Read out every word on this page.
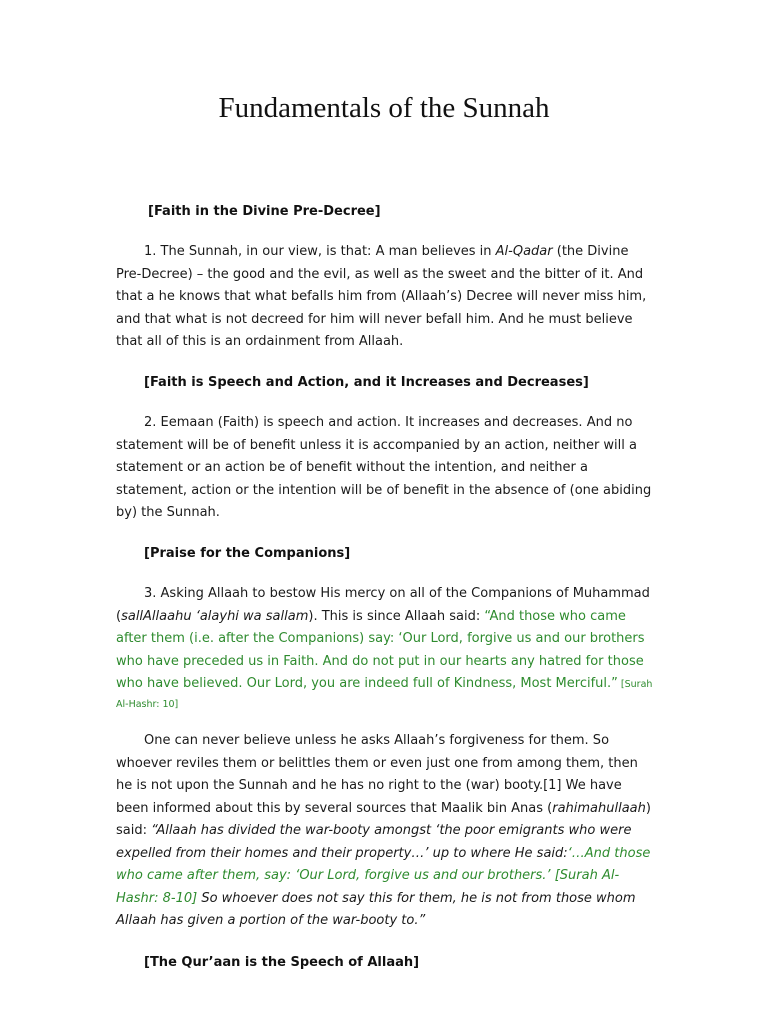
Fundamentals of the Sunnah

[Faith in the Divine Pre-Decree]

1. The Sunnah, in our view, is that: A man believes in Al-Qadar (the Divine Pre-Decree) – the good and the evil, as well as the sweet and the bitter of it. And that a he knows that what befalls him from (Allaah’s) Decree will never miss him, and that what is not decreed for him will never befall him. And he must believe that all of this is an ordainment from Allaah.

[Faith is Speech and Action, and it Increases and Decreases]

2. Eemaan (Faith) is speech and action. It increases and decreases. And no statement will be of benefit unless it is accompanied by an action, neither will a statement or an action be of benefit without the intention, and neither a statement, action or the intention will be of benefit in the absence of (one abiding by) the Sunnah.

[Praise for the Companions]

3. Asking Allaah to bestow His mercy on all of the Companions of Muhammad (sallAllaahu ‘alayhi wa sallam). This is since Allaah said: “And those who came after them (i.e. after the Companions) say: ‘Our Lord, forgive us and our brothers who have preceded us in Faith. And do not put in our hearts any hatred for those who have believed. Our Lord, you are indeed full of Kindness, Most Merciful.” [Surah
Al-Hashr: 10]

One can never believe unless he asks Allaah’s forgiveness for them. So whoever reviles them or belittles them or even just one from among them, then he is not upon the Sunnah and he has no right to the (war) booty.[1] We have been informed about this by several sources that Maalik bin Anas (rahimahullaah) said: “Allaah has divided the war-booty amongst ‘the poor emigrants who were expelled from their homes and their property…’ up to where He said:‘…And those who came after them, say: ‘Our Lord, forgive us and our brothers.’ [Surah Al-Hashr: 8-10] So whoever does not say this for them, he is not from those whom Allaah has given a portion of the war-booty to.”

[The Qur’aan is the Speech of Allaah]
